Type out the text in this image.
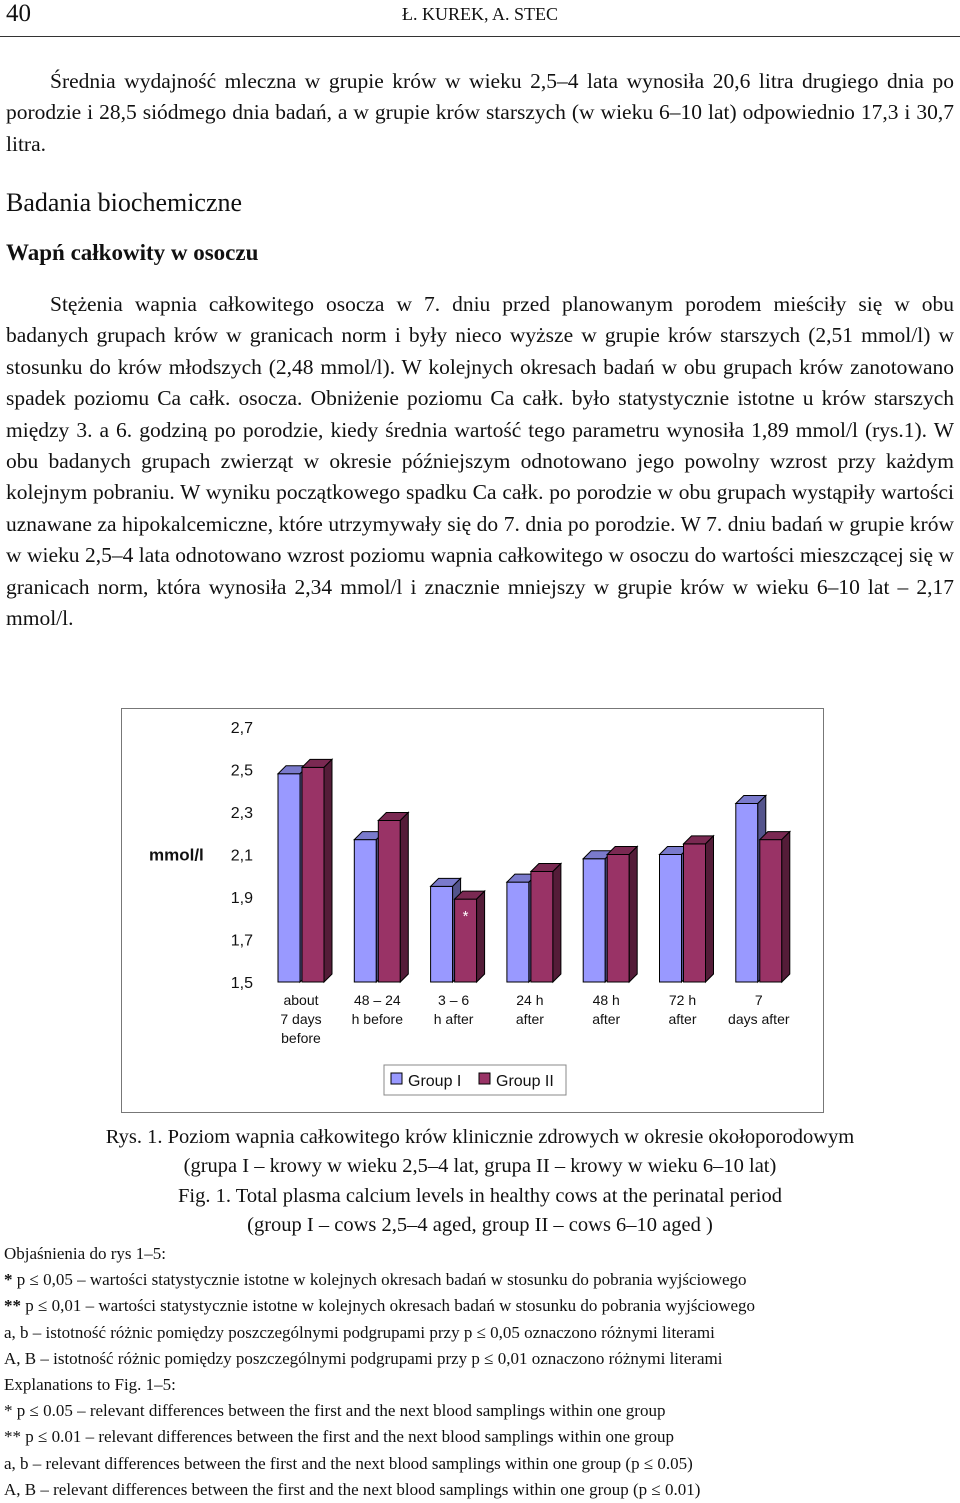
40	Ł. KUREK, A. STEC

Średnia wydajność mleczna w grupie krów w wieku 2,5–4 lata wynosiła 20,6 litra drugiego dnia po porodzie i 28,5 siódmego dnia badań, a w grupie krów starszych (w wieku 6–10 lat) odpowiednio 17,3 i 30,7 litra.

Badania biochemiczne
Wapń całkowity w osoczu

Stężenia wapnia całkowitego osocza w 7. dniu przed planowanym porodem mieściły się w obu badanych grupach krów w granicach norm i były nieco wyższe w grupie krów starszych (2,51 mmol/l) w stosunku do krów młodszych (2,48 mmol/l). W kolejnych okresach badań w obu grupach krów zanotowano spadek poziomu Ca całk. osocza. Obniżenie poziomu Ca całk. było statystycznie istotne u krów starszych między 3. a 6. godziną po porodzie, kiedy średnia wartość tego parametru wynosiła 1,89 mmol/l (rys.1). W obu badanych grupach zwierząt w okresie późniejszym odnotowano jego powolny wzrost przy każdym kolejnym pobraniu. W wyniku początkowego spadku Ca całk. po porodzie w obu grupach wystąpiły wartości uznawane za hipokalcemiczne, które utrzymywały się do 7. dnia po porodzie. W 7. dniu badań w grupie krów w wieku 2,5–4 lata odnotowano wzrost poziomu wapnia całkowitego w osoczu do wartości mieszczącej się w granicach norm, która wynosiła 2,34 mmol/l i znacznie mniejszy w grupie krów w wieku 6–10 lat – 2,17 mmol/l.

2,7
2,5
2,3
2,1
1,9
1,7
1,5
mmol/l
about
7 days
before
48 – 24
h before
3 – 6
h after
24 h
after
48 h
after
72 h
after
7
days after
*
Group I Group II

Rys. 1. Poziom wapnia całkowitego krów klinicznie zdrowych w okresie okołoporodowym

(grupa I – krowy w wieku 2,5–4 lat, grupa II – krowy w wieku 6–10 lat)

Fig. 1. Total plasma calcium levels in healthy cows at the perinatal period

(group I – cows 2,5–4 aged, group II – cows 6–10 aged )

Objaśnienia do rys 1–5:
* p ≤ 0,05 – wartości statystycznie istotne w kolejnych okresach badań w stosunku do pobrania wyjściowego
** p ≤ 0,01 – wartości statystycznie istotne w kolejnych okresach badań w stosunku do pobrania wyjściowego
a, b – istotność różnic pomiędzy poszczególnymi podgrupami przy p ≤ 0,05 oznaczono różnymi literami
A, B – istotność różnic pomiędzy poszczególnymi podgrupami przy p ≤ 0,01 oznaczono różnymi literami
Explanations to Fig. 1–5:
* p ≤ 0.05 – relevant differences between the first and the next blood samplings within one group
** p ≤ 0.01 – relevant differences between the first and the next blood samplings within one group
a, b – relevant differences between the first and the next blood samplings within one group (p ≤ 0.05)
A, B – relevant differences between the first and the next blood samplings within one group (p ≤ 0.01)
